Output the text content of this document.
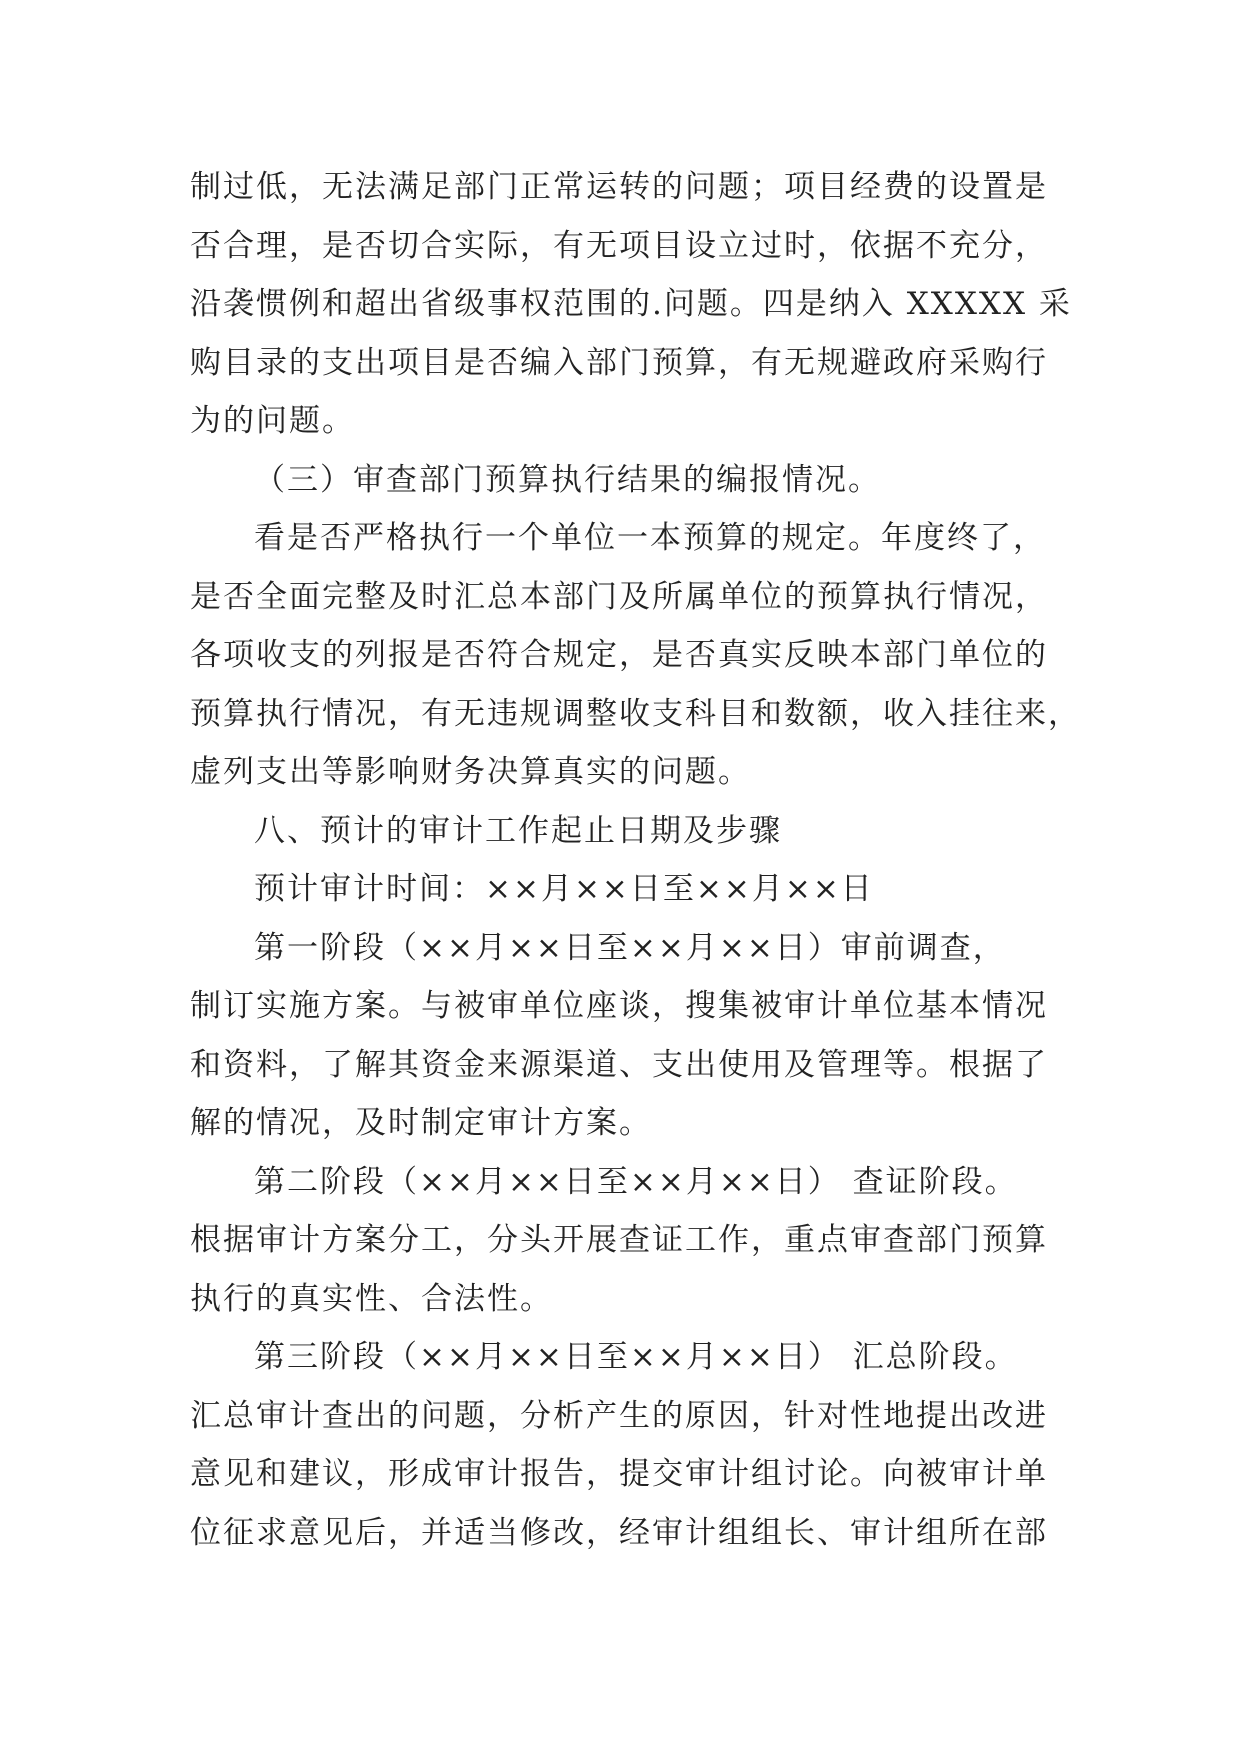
制过低，无法满足部门正常运转的问题；项目经费的设置是
否合理，是否切合实际，有无项目设立过时，依据不充分，
沿袭惯例和超出省级事权范围的.问题。四是纳入 XXXXX 采
购目录的支出项目是否编入部门预算，有无规避政府采购行
为的问题。

（三）审查部门预算执行结果的编报情况。

看是否严格执行一个单位一本预算的规定。年度终了，
是否全面完整及时汇总本部门及所属单位的预算执行情况，
各项收支的列报是否符合规定，是否真实反映本部门单位的
预算执行情况，有无违规调整收支科目和数额，收入挂往来，
虚列支出等影响财务决算真实的问题。

八、预计的审计工作起止日期及步骤

预计审计时间：××月××日至××月××日

第一阶段（××月××日至××月××日）审前调查，
制订实施方案。与被审单位座谈，搜集被审计单位基本情况
和资料，了解其资金来源渠道、支出使用及管理等。根据了
解的情况，及时制定审计方案。

第二阶段（××月××日至××月××日） 查证阶段。
根据审计方案分工，分头开展查证工作，重点审查部门预算
执行的真实性、合法性。

第三阶段（××月××日至××月××日） 汇总阶段。
汇总审计查出的问题，分析产生的原因，针对性地提出改进
意见和建议，形成审计报告，提交审计组讨论。向被审计单
位征求意见后，并适当修改，经审计组组长、审计组所在部
